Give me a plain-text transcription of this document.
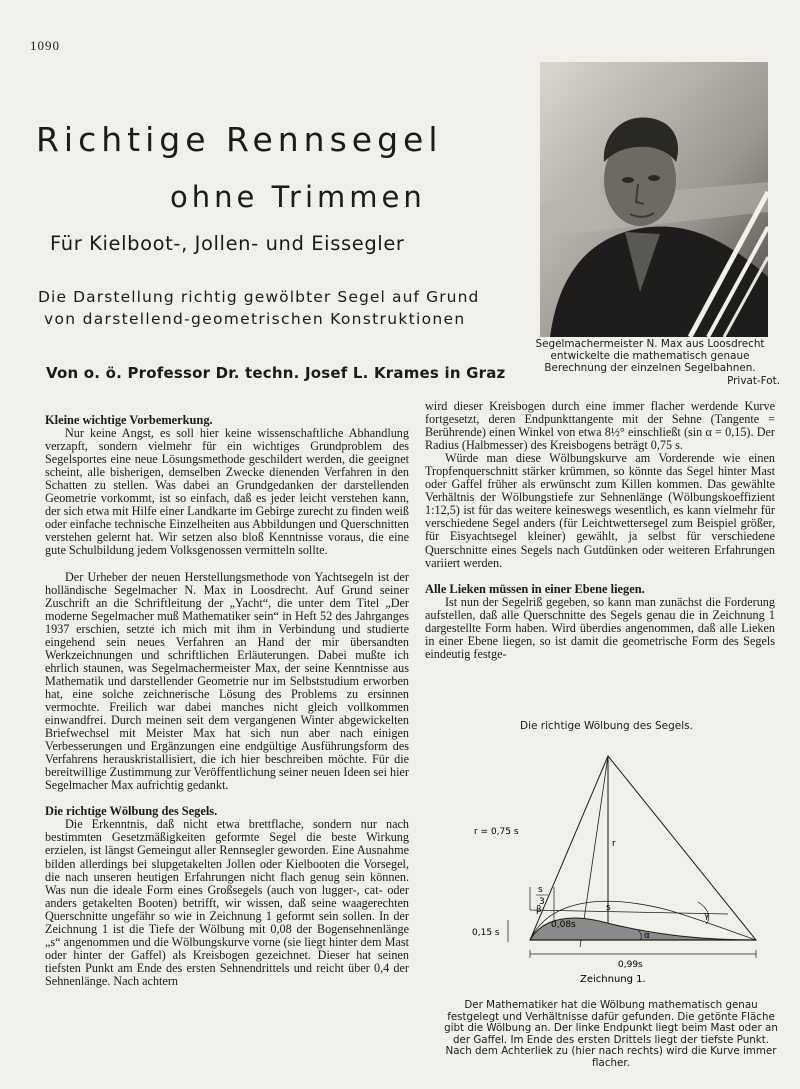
1090
Richtige Rennsegel
ohne Trimmen
Für Kielboot-, Jollen- und Eissegler
Die Darstellung richtig gewölbter Segel auf Grund
von darstellend-geometrischen Konstruktionen
Von o. ö. Professor Dr. techn. Josef L. Krames in Graz
Segelmachermeister N. Max aus Loosdrecht entwickelte die mathematisch genaue Berechnung der einzelnen Segelbahnen.
Privat-Fot.
Kleine wichtige Vorbemerkung.

Nur keine Angst, es soll hier keine wissenschaftliche Abhandlung verzapft, sondern vielmehr für ein wichtiges Grundproblem des Segelsportes eine neue Lösungsmethode geschildert werden, die geeignet scheint, alle bisherigen, demselben Zwecke dienenden Verfahren in den Schatten zu stellen. Was dabei an Grundgedanken der darstellenden Geometrie vorkommt, ist so einfach, daß es jeder leicht verstehen kann, der sich etwa mit Hilfe einer Landkarte im Gebirge zurecht zu finden weiß oder einfache technische Einzelheiten aus Abbildungen und Querschnitten verstehen gelernt hat. Wir setzen also bloß Kenntnisse voraus, die eine gute Schulbildung jedem Volksgenossen vermitteln sollte.

Der Urheber der neuen Herstellungsmethode von Yachtsegeln ist der holländische Segelmacher N. Max in Loosdrecht. Auf Grund seiner Zuschrift an die Schriftleitung der „Yacht“, die unter dem Titel „Der moderne Segelmacher muß Mathematiker sein“ in Heft 52 des Jahrganges 1937 erschien, setzte ich mich mit ihm in Verbindung und studierte eingehend sein neues Verfahren an Hand der mir übersandten Werkzeichnungen und schriftlichen Erläuterungen. Dabei mußte ich ehrlich staunen, was Segelmachermeister Max, der seine Kenntnisse aus Mathematik und darstellender Geometrie nur im Selbststudium erworben hat, eine solche zeichnerische Lösung des Problems zu ersinnen vermochte. Freilich war dabei manches nicht gleich vollkommen einwandfrei. Durch meinen seit dem vergangenen Winter abgewickelten Briefwechsel mit Meister Max hat sich nun aber nach einigen Verbesserungen und Ergänzungen eine endgültige Ausführungsform des Verfahrens herauskristallisiert, die ich hier beschreiben möchte. Für die bereitwillige Zustimmung zur Veröffentlichung seiner neuen Ideen sei hier Segelmacher Max aufrichtig gedankt.

Die richtige Wölbung des Segels.

Die Erkenntnis, daß nicht etwa brettflache, sondern nur nach bestimmten Gesetzmäßigkeiten geformte Segel die beste Wirkung erzielen, ist längst Gemeingut aller Rennsegler geworden. Eine Ausnahme bilden allerdings bei slupgetakelten Jollen oder Kielbooten die Vorsegel, die nach unseren heutigen Erfahrungen nicht flach genug sein können. Was nun die ideale Form eines Großsegels (auch von lugger-, cat- oder anders getakelten Booten) betrifft, wir wissen, daß seine waagerechten Querschnitte ungefähr so wie in Zeichnung 1 geformt sein sollen. In der Zeichnung 1 ist die Tiefe der Wölbung mit 0,08 der Bogensehnenlänge „s“ angenommen und die Wölbungskurve vorne (sie liegt hinter dem Mast oder hinter der Gaffel) als Kreisbogen gezeichnet. Dieser hat seinen tiefsten Punkt am Ende des ersten Sehnendrittels und reicht über 0,4 der Sehnenlänge. Nach achtern

wird dieser Kreisbogen durch eine immer flacher werdende Kurve fortgesetzt, deren Endpunkttangente mit der Sehne (Tangente = Berührende) einen Winkel von etwa 8½° einschließt (sin α = 0,15). Der Radius (Halbmesser) des Kreisbogens beträgt 0,75 s.

Würde man diese Wölbungskurve am Vorderende wie einen Tropfenquerschnitt stärker krümmen, so könnte das Segel hinter Mast oder Gaffel früher als erwünscht zum Killen kommen. Das gewählte Verhältnis der Wölbungstiefe zur Sehnenlänge (Wölbungskoeffizient 1:12,5) ist für das weitere keineswegs wesentlich, es kann vielmehr für verschiedene Segel anders (für Leichtwettersegel zum Beispiel größer, für Eisyachtsegel kleiner) gewählt, ja selbst für verschiedene Querschnitte eines Segels nach Gutdünken oder weiteren Erfahrungen variiert werden.

Alle Lieken müssen in einer Ebene liegen.

Ist nun der Segelriß gegeben, so kann man zunächst die Forderung aufstellen, daß alle Querschnitte des Segels genau die in Zeichnung 1 dargestellte Form haben. Wird überdies angenommen, daß alle Lieken in einer Ebene liegen, so ist damit die geometrische Form des Segels eindeutig festge-

Die richtige Wölbung des Segels.
r = 0,75 s
r
s
3
s
0,08s
0,15 s
0,99s
α
γ
β
Zeichnung 1.
Der Mathematiker hat die Wölbung mathematisch genau festgelegt und Verhältnisse dafür gefunden. Die getönte Fläche gibt die Wölbung an. Der linke Endpunkt liegt beim Mast oder an der Gaffel. Im Ende des ersten Drittels liegt der tiefste Punkt. Nach dem Achterliek zu (hier nach rechts) wird die Kurve immer flacher.
